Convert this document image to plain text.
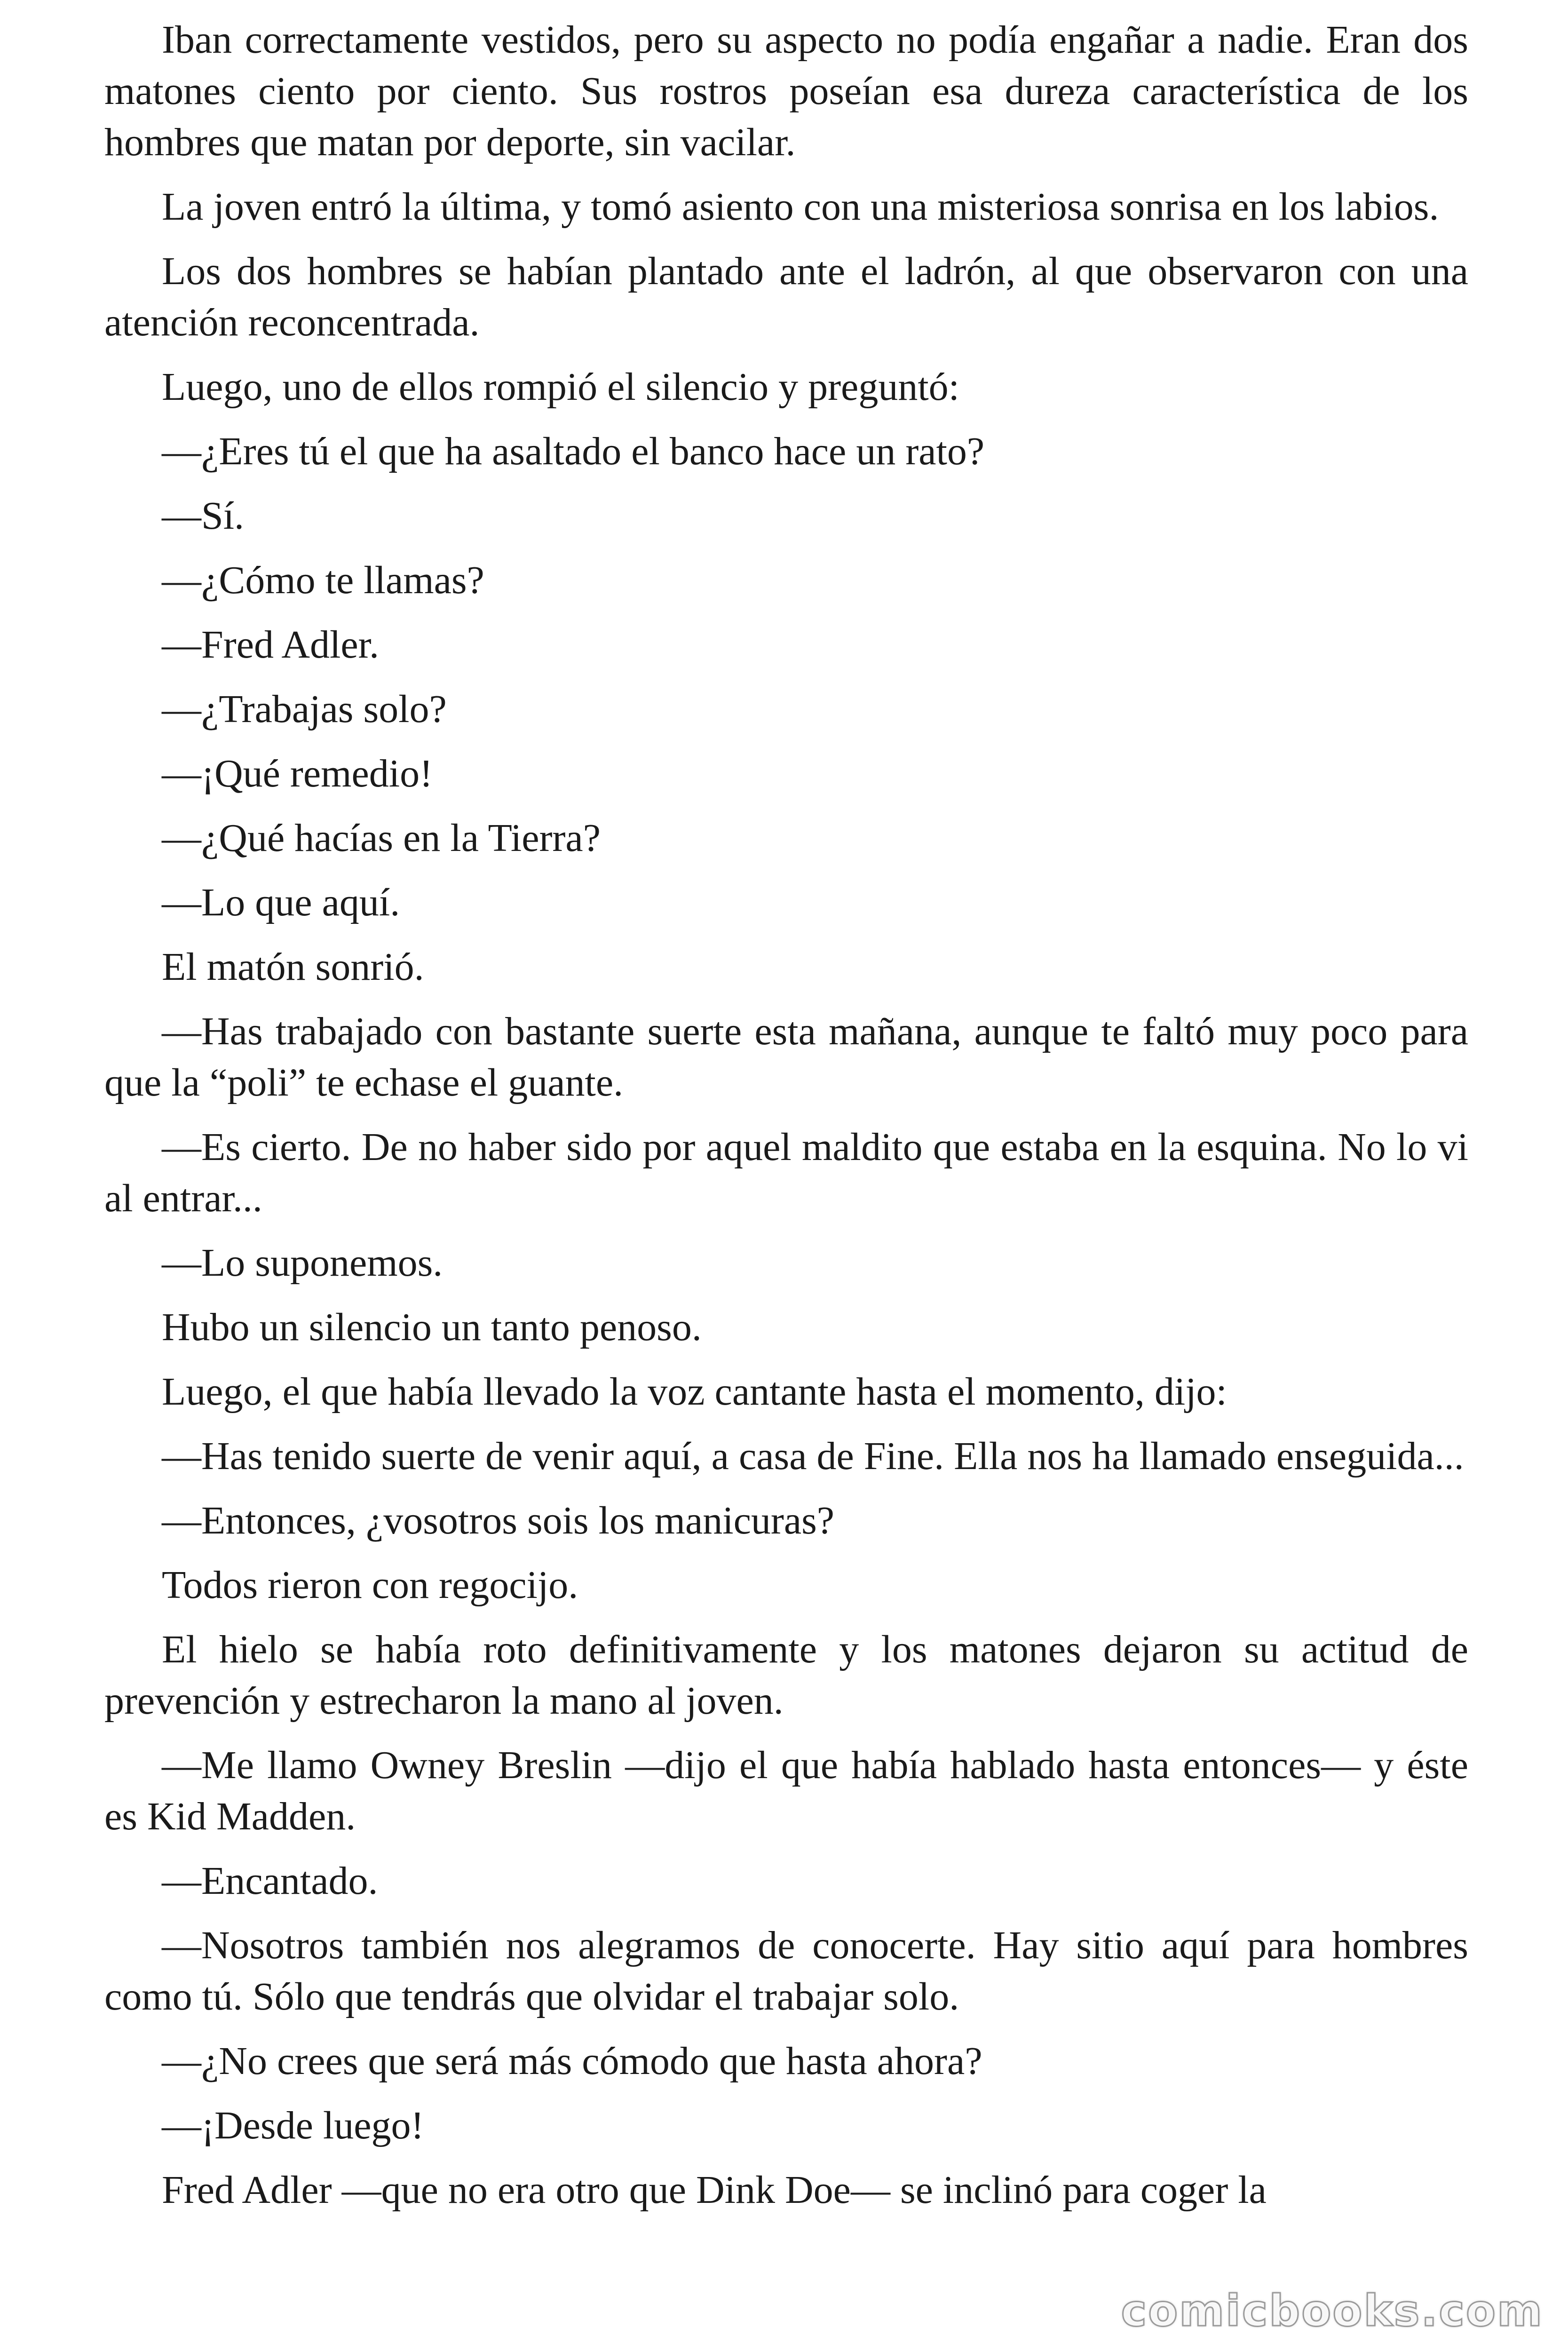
Iban correctamente vestidos, pero su aspecto no podía engañar a nadie. Eran dos matones ciento por ciento. Sus rostros poseían esa dureza característica de los hombres que matan por deporte, sin vacilar.

La joven entró la última, y tomó asiento con una misteriosa sonrisa en los labios.

Los dos hombres se habían plantado ante el ladrón, al que observaron con una atención reconcentrada.

Luego, uno de ellos rompió el silencio y preguntó:

—¿Eres tú el que ha asaltado el banco hace un rato?

—Sí.

—¿Cómo te llamas?

—Fred Adler.

—¿Trabajas solo?

—¡Qué remedio!

—¿Qué hacías en la Tierra?

—Lo que aquí.

El matón sonrió.

—Has trabajado con bastante suerte esta mañana, aunque te faltó muy poco para que la “poli” te echase el guante.

—Es cierto. De no haber sido por aquel maldito que estaba en la esquina. No lo vi al entrar...

—Lo suponemos.

Hubo un silencio un tanto penoso.

Luego, el que había llevado la voz cantante hasta el momento, dijo:

—Has tenido suerte de venir aquí, a casa de Fine. Ella nos ha llamado enseguida...

—Entonces, ¿vosotros sois los manicuras?

Todos rieron con regocijo.

El hielo se había roto definitivamente y los matones dejaron su actitud de prevención y estrecharon la mano al joven.

—Me llamo Owney Breslin —dijo el que había hablado hasta entonces— y éste es Kid Madden.

—Encantado.

—Nosotros también nos alegramos de conocerte. Hay sitio aquí para hombres como tú. Sólo que tendrás que olvidar el trabajar solo.

—¿No crees que será más cómodo que hasta ahora?

—¡Desde luego!

Fred Adler —que no era otro que Dink Doe— se inclinó para coger la

comicbooks.com
